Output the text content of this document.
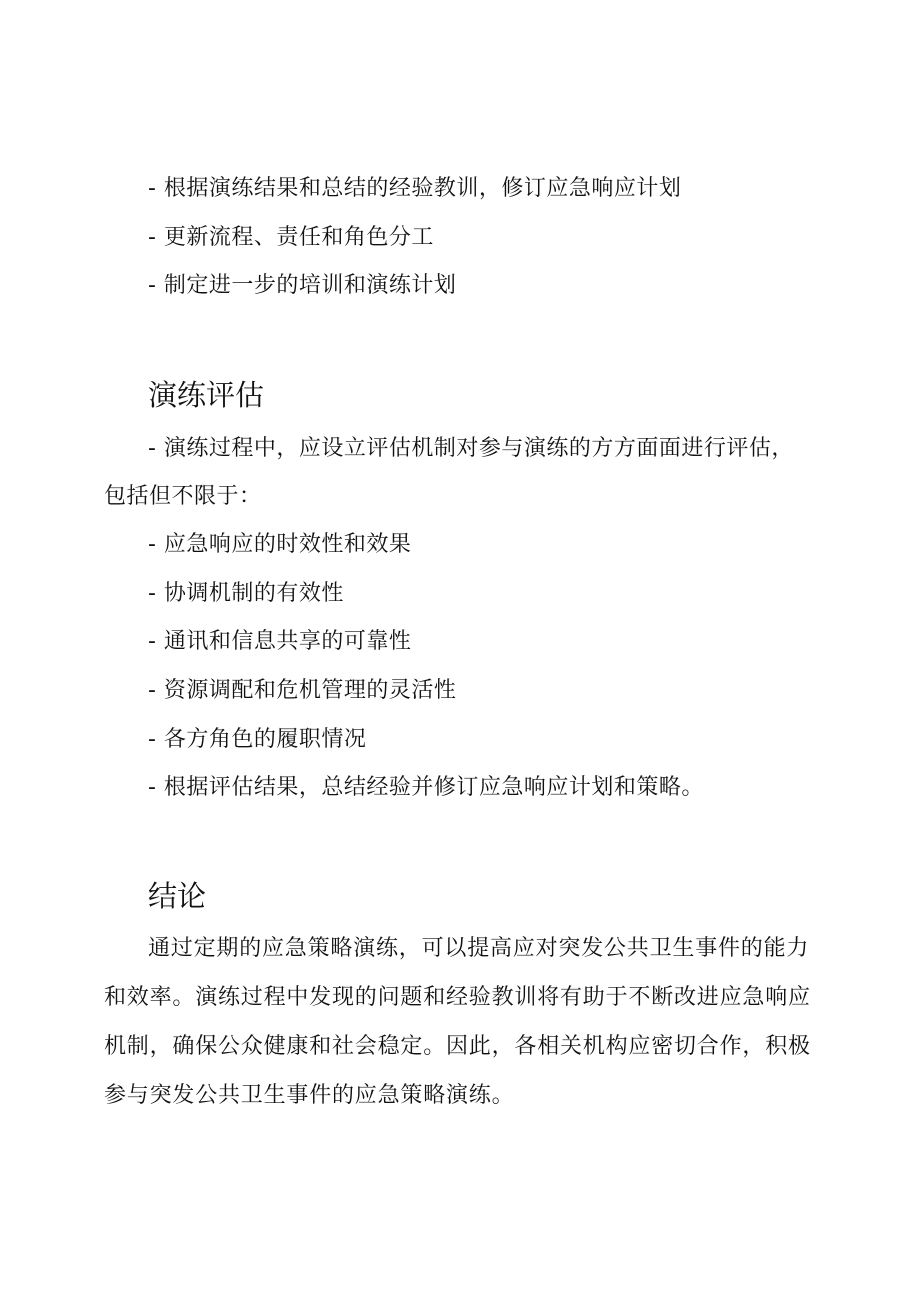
- 根据演练结果和总结的经验教训，修订应急响应计划
- 更新流程、责任和角色分工
- 制定进一步的培训和演练计划
演练评估
- 演练过程中，应设立评估机制对参与演练的方方面面进行评估，
包括但不限于：
- 应急响应的时效性和效果
- 协调机制的有效性
- 通讯和信息共享的可靠性
- 资源调配和危机管理的灵活性
- 各方角色的履职情况
- 根据评估结果，总结经验并修订应急响应计划和策略。
结论

通过定期的应急策略演练，可以提高应对突发公共卫生事件的能力和效率。演练过程中发现的问题和经验教训将有助于不断改进应急响应机制，确保公众健康和社会稳定。因此，各相关机构应密切合作，积极参与突发公共卫生事件的应急策略演练。
